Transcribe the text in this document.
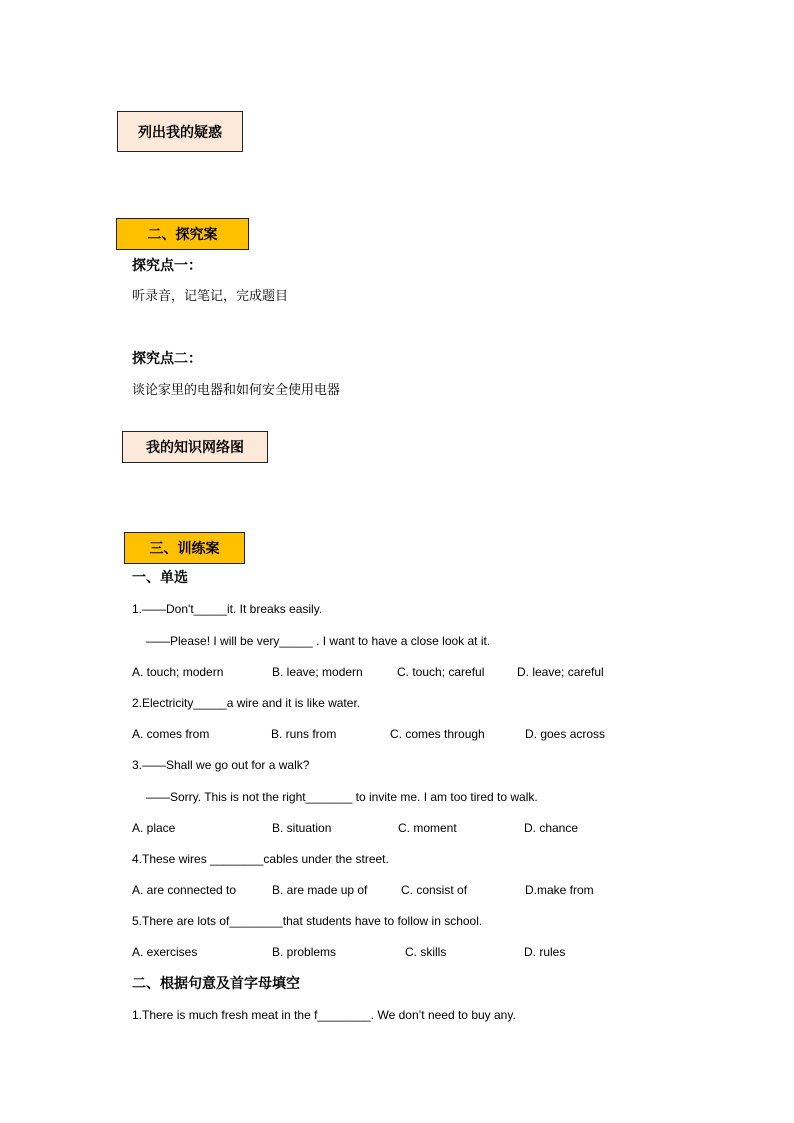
列出我的疑惑
二、探究案
探究点一：
听录音，记笔记，完成题目
探究点二：
谈论家里的电器和如何安全使用电器
我的知识网络图
三、训练案
一、单选
1.——Don't_____it. It breaks easily.
——Please! I will be very_____ . I want to have a close look at it.
A. touch; modern	B. leave; modern	C. touch; careful	D. leave; careful
2.Electricity_____a wire and it is like water.
A. comes from	B. runs from	C. comes through	D. goes across
3.——Shall we go out for a walk?
——Sorry. This is not the right_______ to invite me. I am too tired to walk.
A. place	B. situation	C. moment	D. chance
4.These wires ________cables under the street.
A. are connected to	B. are made up of	C. consist of	D.make from
5.There are lots of________that students have to follow in school.
A. exercises	B. problems	C. skills	D. rules
二、根据句意及首字母填空
1.There is much fresh meat in the f________. We don’t need to buy any.
